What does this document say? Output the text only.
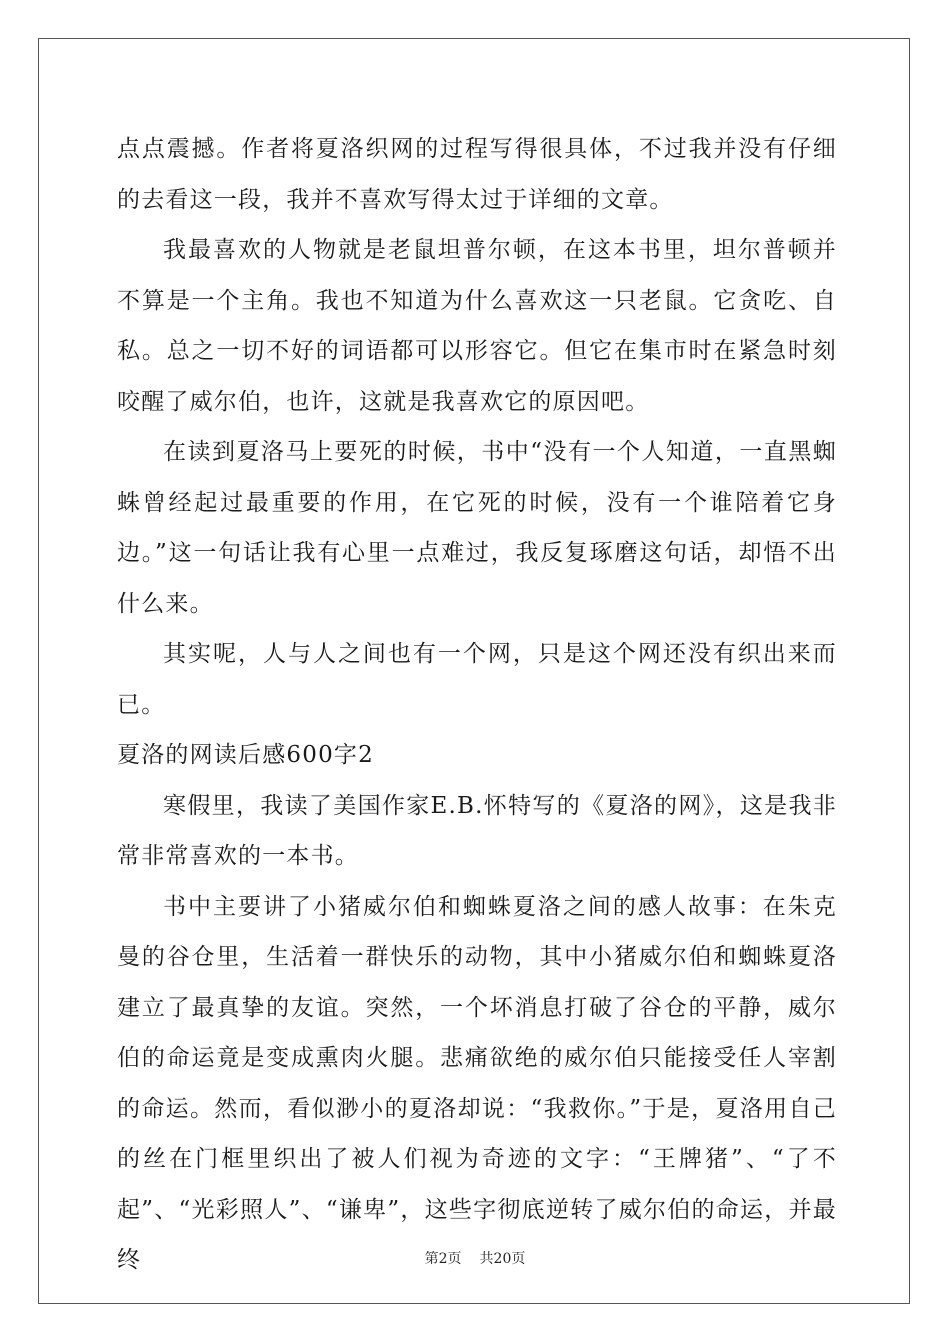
点点震撼。作者将夏洛织网的过程写得很具体，不过我并没有仔细的去看这一段，我并不喜欢写得太过于详细的文章。

我最喜欢的人物就是老鼠坦普尔顿，在这本书里，坦尔普顿并不算是一个主角。我也不知道为什么喜欢这一只老鼠。它贪吃、自私。总之一切不好的词语都可以形容它。但它在集市时在紧急时刻咬醒了威尔伯，也许，这就是我喜欢它的原因吧。

在读到夏洛马上要死的时候，书中“没有一个人知道，一直黑蜘蛛曾经起过最重要的作用，在它死的时候，没有一个谁陪着它身边。”这一句话让我有心里一点难过，我反复琢磨这句话，却悟不出什么来。

其实呢，人与人之间也有一个网，只是这个网还没有织出来而已。

夏洛的网读后感600字2

寒假里，我读了美国作家E.B.怀特写的《夏洛的网》，这是我非常非常喜欢的一本书。

书中主要讲了小猪威尔伯和蜘蛛夏洛之间的感人故事：在朱克曼的谷仓里，生活着一群快乐的动物，其中小猪威尔伯和蜘蛛夏洛建立了最真挚的友谊。突然，一个坏消息打破了谷仓的平静，威尔伯的命运竟是变成熏肉火腿。悲痛欲绝的威尔伯只能接受任人宰割的命运。然而，看似渺小的夏洛却说：“我救你。”于是，夏洛用自己的丝在门框里织出了被人们视为奇迹的文字：“王牌猪”、“了不起”、“光彩照人”、“谦卑”，这些字彻底逆转了威尔伯的命运，并最终	第2页 共20页
